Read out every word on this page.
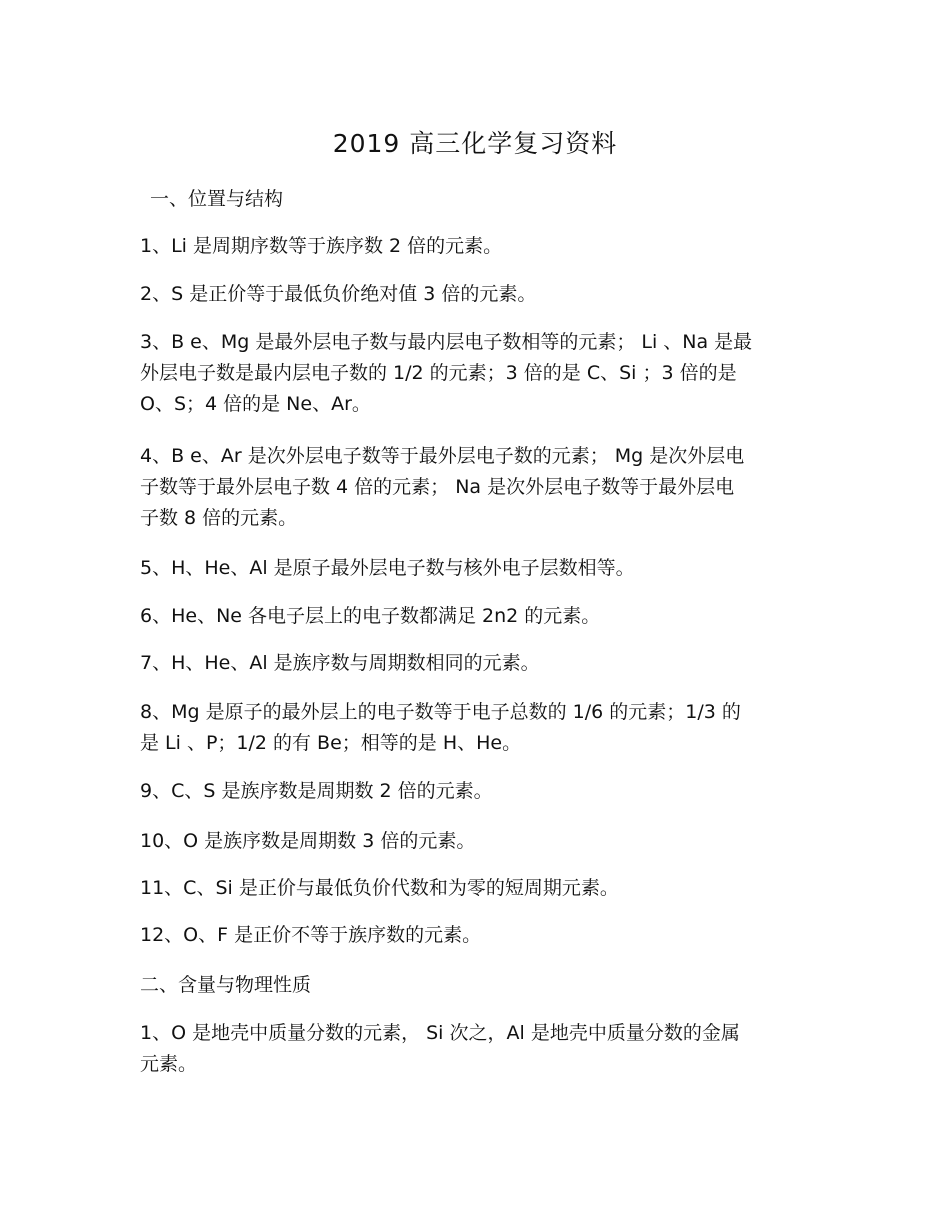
2019 高三化学复习资料
一、位置与结构
1、Li 是周期序数等于族序数 2 倍的元素。
2、S 是正价等于最低负价绝对值 3 倍的元素。
3、B e、Mg 是最外层电子数与最内层电子数相等的元素； Li 、Na 是最
外层电子数是最内层电子数的 1/2 的元素；3 倍的是 C、Si ；3 倍的是
O、S；4 倍的是 Ne、Ar。
4、B e、Ar 是次外层电子数等于最外层电子数的元素； Mg 是次外层电
子数等于最外层电子数 4 倍的元素； Na 是次外层电子数等于最外层电
子数 8 倍的元素。
5、H、He、Al 是原子最外层电子数与核外电子层数相等。
6、He、Ne 各电子层上的电子数都满足 2n2 的元素。
7、H、He、Al 是族序数与周期数相同的元素。
8、Mg 是原子的最外层上的电子数等于电子总数的 1/6 的元素；1/3 的
是 Li 、P；1/2 的有 Be；相等的是 H、He。
9、C、S 是族序数是周期数 2 倍的元素。
10、O 是族序数是周期数 3 倍的元素。
11、C、Si 是正价与最低负价代数和为零的短周期元素。
12、O、F 是正价不等于族序数的元素。
二、含量与物理性质
1、O 是地壳中质量分数的元素， Si 次之，Al 是地壳中质量分数的金属
元素。
